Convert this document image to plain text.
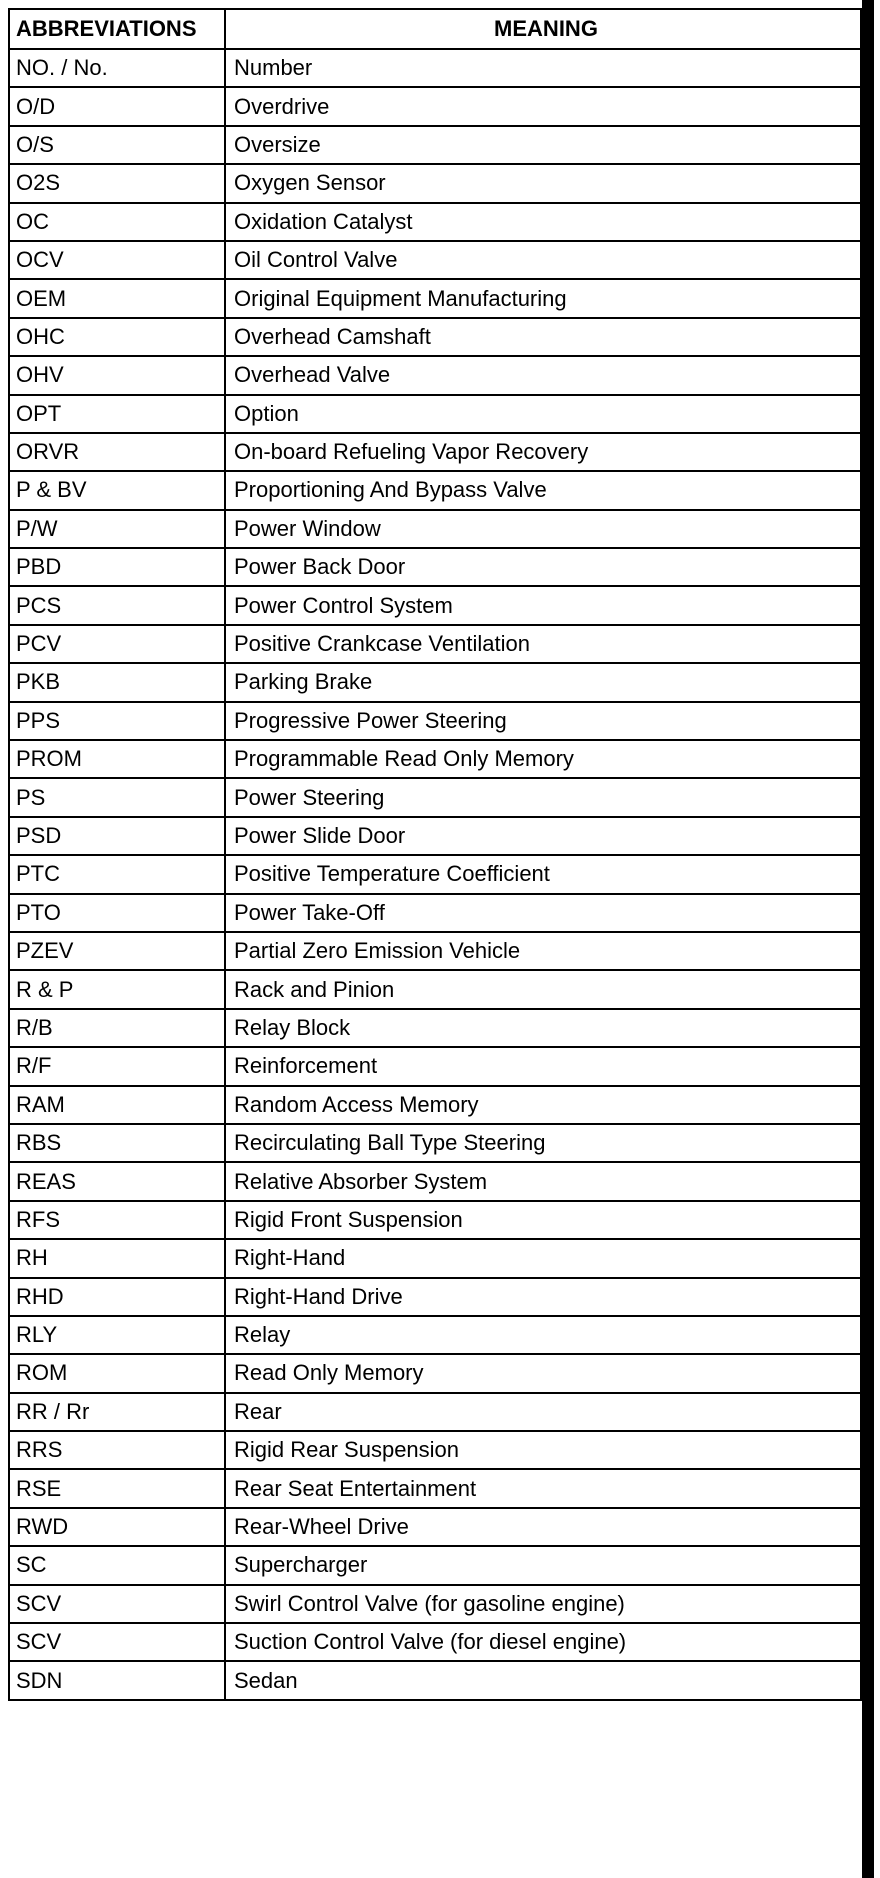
ABBREVIATIONS	MEANING
NO. / No.	Number
O/D	Overdrive
O/S	Oversize
O2S	Oxygen Sensor
OC	Oxidation Catalyst
OCV	Oil Control Valve
OEM	Original Equipment Manufacturing
OHC	Overhead Camshaft
OHV	Overhead Valve
OPT	Option
ORVR	On-board Refueling Vapor Recovery
P & BV	Proportioning And Bypass Valve
P/W	Power Window
PBD	Power Back Door
PCS	Power Control System
PCV	Positive Crankcase Ventilation
PKB	Parking Brake
PPS	Progressive Power Steering
PROM	Programmable Read Only Memory
PS	Power Steering
PSD	Power Slide Door
PTC	Positive Temperature Coefficient
PTO	Power Take-Off
PZEV	Partial Zero Emission Vehicle
R & P	Rack and Pinion
R/B	Relay Block
R/F	Reinforcement
RAM	Random Access Memory
RBS	Recirculating Ball Type Steering
REAS	Relative Absorber System
RFS	Rigid Front Suspension
RH	Right-Hand
RHD	Right-Hand Drive
RLY	Relay
ROM	Read Only Memory
RR / Rr	Rear
RRS	Rigid Rear Suspension
RSE	Rear Seat Entertainment
RWD	Rear-Wheel Drive
SC	Supercharger
SCV	Swirl Control Valve (for gasoline engine)
SCV	Suction Control Valve (for diesel engine)
SDN	Sedan
